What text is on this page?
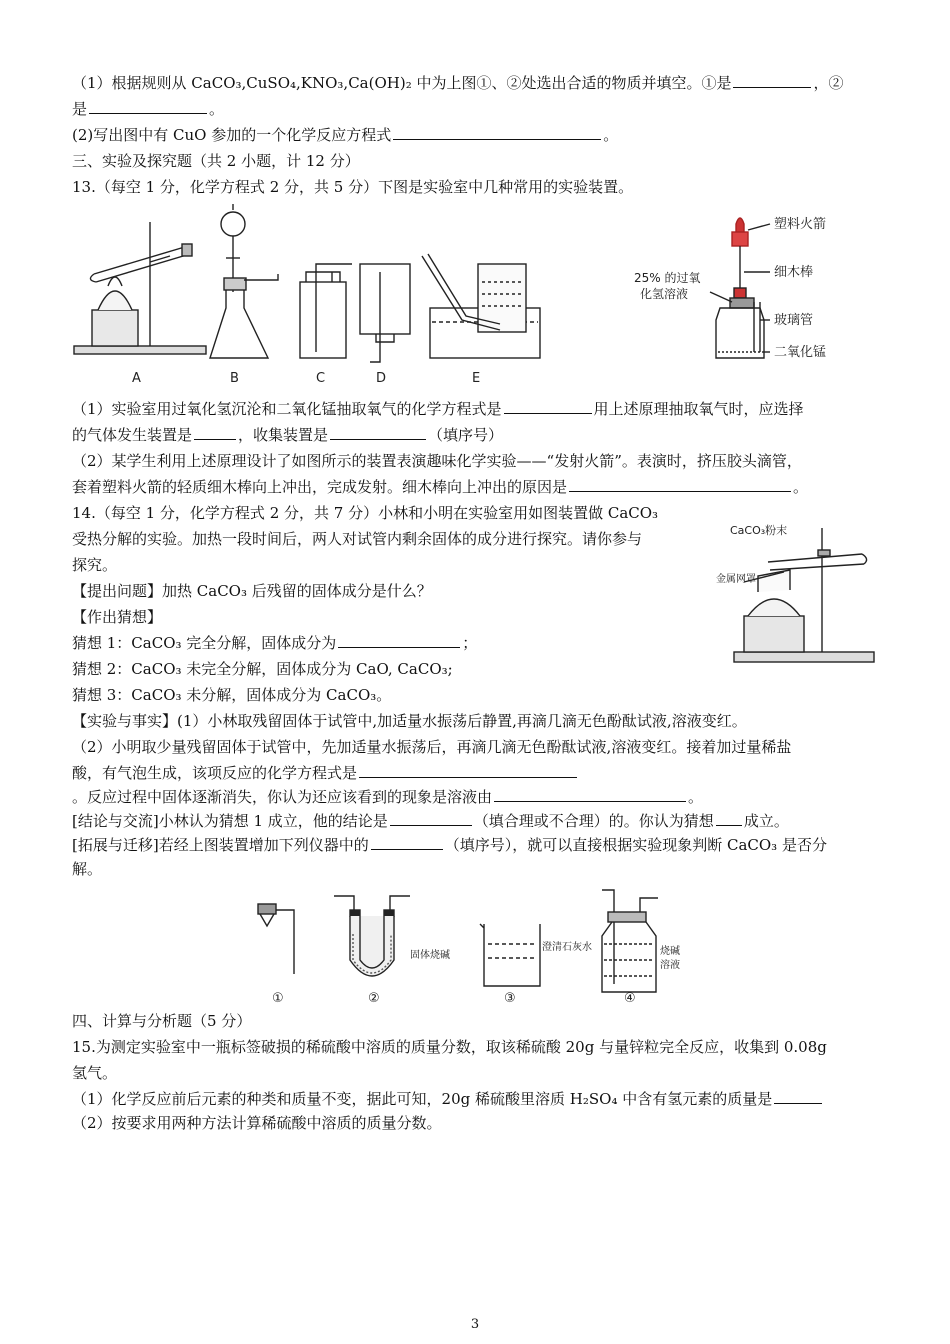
（1）根据规则从 CaCO₃,CuSO₄,KNO₃,Ca(OH)₂ 中为上图①、②处选出合适的物质并填空。①是	，②
是	。
(2)写出图中有 CuO 参加的一个化学反应方程式	。
三、实验及探究题（共 2 小题，计 12 分）
13.（每空 1 分，化学方程式 2 分，共 5 分）下图是实验室中几种常用的实验装置。
A	B	C	D	E
塑料火箭
细木棒
25% 的过氧
化氢溶液
玻璃管
二氧化锰
（1）实验室用过氧化氢沉沦和二氧化锰抽取氧气的化学方程式是	用上述原理抽取氧气时，应选择
的气体发生装置是	，收集装置是	（填序号）
（2）某学生利用上述原理设计了如图所示的装置表演趣味化学实验——“发射火箭”。表演时，挤压胶头滴管，
套着塑料火箭的轻质细木棒向上冲出，完成发射。细木棒向上冲出的原因是	。
14.（每空 1 分，化学方程式 2 分，共 7 分）小林和小明在实验室用如图装置做 CaCO₃
受热分解的实验。加热一段时间后，两人对试管内剩余固体的成分进行探究。请你参与
探究。
CaCO₃粉末
金属网罩
【提出问题】加热 CaCO₃ 后残留的固体成分是什么？
【作出猜想】
猜想 1：CaCO₃ 完全分解，固体成分为	；
猜想 2：CaCO₃ 未完全分解，固体成分为 CaO, CaCO₃;
猜想 3：CaCO₃ 未分解，固体成分为 CaCO₃。
【实验与事实】(1）小林取残留固体于试管中,加适量水振荡后静置,再滴几滴无色酚酞试液,溶液变红。
（2）小明取少量残留固体于试管中，先加适量水振荡后，再滴几滴无色酚酞试液,溶液变红。接着加过量稀盐
酸，有气泡生成，该项反应的化学方程式是
。反应过程中固体逐渐消失，你认为还应该看到的现象是溶液由	。
[结论与交流]小林认为猜想 1 成立，他的结论是	（填合理或不合理）的。你认为猜想 成立。
[拓展与迁移]若经上图装置增加下列仪器中的	（填序号），就可以直接根据实验现象判断 CaCO₃ 是否分
解。
固体烧碱
澄清石灰水	烧碱
溶液
①	②	③	④
四、计算与分析题（5 分）
15.为测定实验室中一瓶标签破损的稀硫酸中溶质的质量分数，取该稀硫酸 20g 与量锌粒完全反应，收集到 0.08g
氢气。
（1）化学反应前后元素的种类和质量不变，据此可知，20g 稀硫酸里溶质 H₂SO₄ 中含有氢元素的质量是
（2）按要求用两种方法计算稀硫酸中溶质的质量分数。
3
